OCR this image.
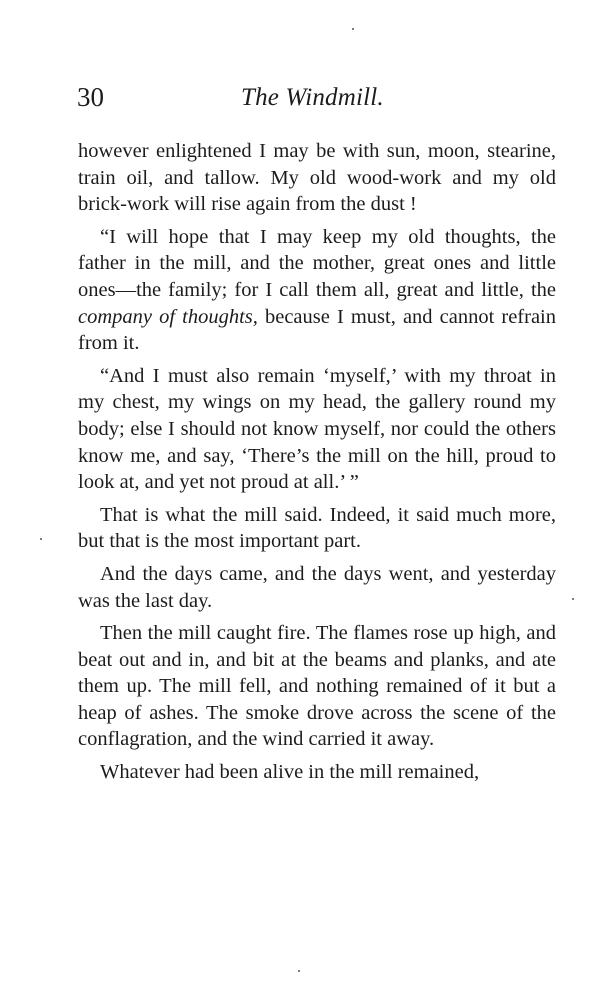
30	The Windmill.

however enlightened I may be with sun, moon, stearine, train oil, and tallow. My old wood-work and my old brick-work will rise again from the dust !

“I will hope that I may keep my old thoughts, the father in the mill, and the mother, great ones and little ones—the family; for I call them all, great and little, the company of thoughts, because I must, and cannot refrain from it.

“And I must also remain ‘myself,’ with my throat in my chest, my wings on my head, the gallery round my body; else I should not know myself, nor could the others know me, and say, ‘There’s the mill on the hill, proud to look at, and yet not proud at all.’ ”

That is what the mill said. Indeed, it said much more, but that is the most important part.

And the days came, and the days went, and yesterday was the last day.

Then the mill caught fire. The flames rose up high, and beat out and in, and bit at the beams and planks, and ate them up. The mill fell, and nothing remained of it but a heap of ashes. The smoke drove across the scene of the conflagration, and the wind carried it away.

Whatever had been alive in the mill remained,
